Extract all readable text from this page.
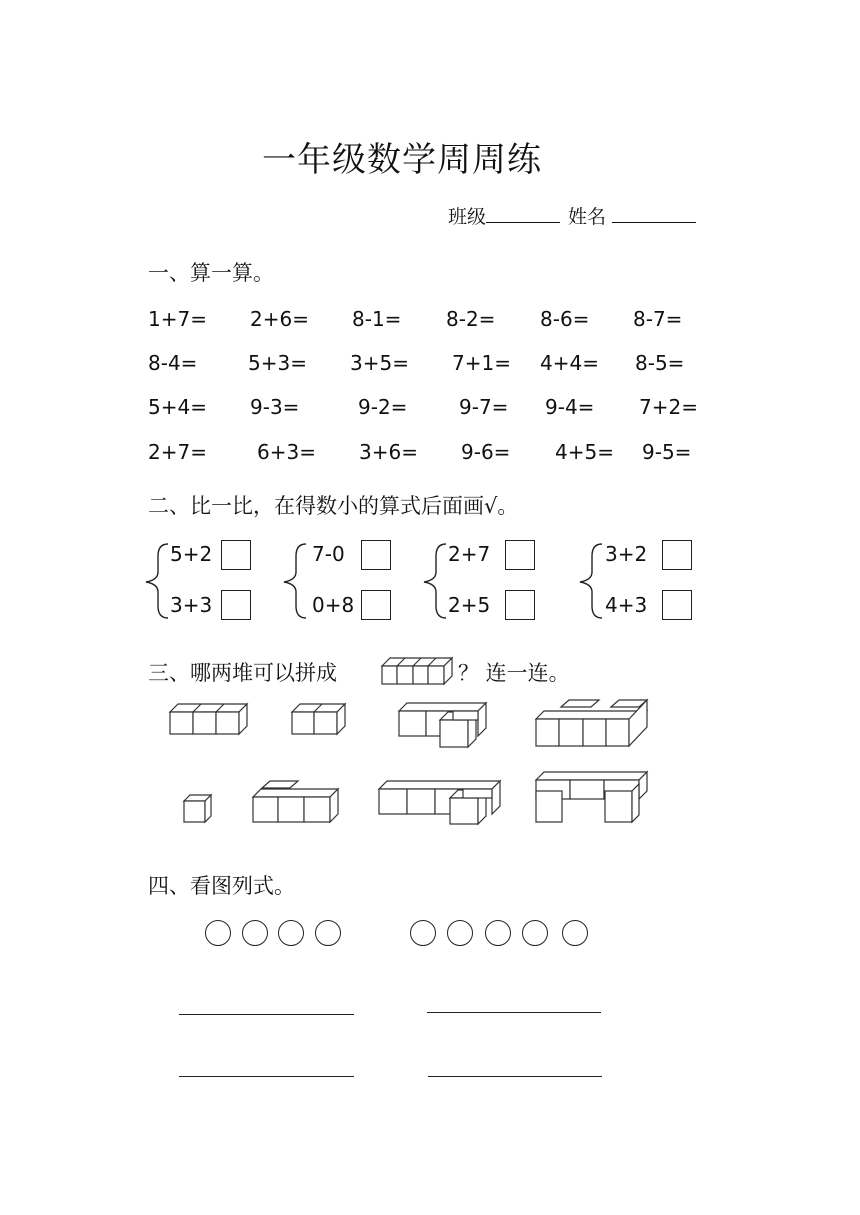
一年级数学周周练
班级	姓名
一、算一算。
1+7= 2+6= 8-1= 8-2= 8-6= 8-7=
8-4=	5+3= 3+5= 7+1= 4+4= 8-5=
5+4= 9-3=	9-2=	9-7= 9-4= 7+2=
2+7=	6+3= 3+6= 9-6= 4+5= 9-5=
二、比一比，在得数小的算式后面画√。
5+2
3+3
7-0
0+8
2+7
2+5
3+2
4+3
三、哪两堆可以拼成	？ 连一连。
四、看图列式。
